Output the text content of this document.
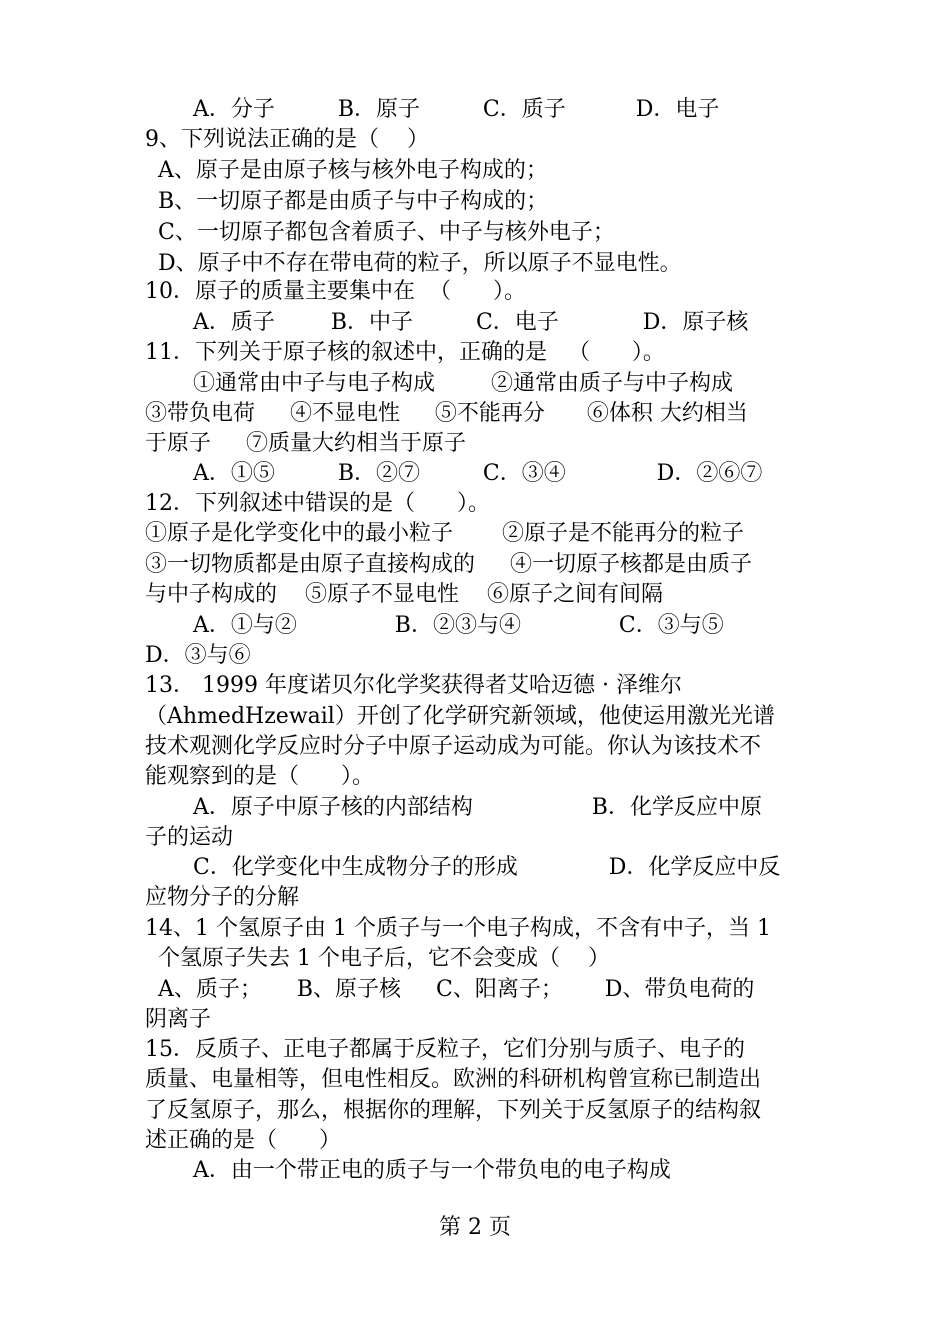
A．分子         B．原子         C．质子          D．电子
9、下列说法正确的是（    ）
A、原子是由原子核与核外电子构成的；
B、一切原子都是由质子与中子构成的；
C、一切原子都包含着质子、中子与核外电子；
D、原子中不存在带电荷的粒子，所以原子不显电性。
10．原子的质量主要集中在  （      ）。
A．质子        B．中子         C．电子            D．原子核
11．下列关于原子核的叙述中，正确的是   （      ）。
①通常由中子与电子构成        ②通常由质子与中子构成
③带负电荷     ④不显电性     ⑤不能再分      ⑥体积 大约相当
于原子     ⑦质量大约相当于原子
A．①⑤         B．②⑦         C．③④             D．②⑥⑦
12．下列叙述中错误的是（      ）。
①原子是化学变化中的最小粒子       ②原子是不能再分的粒子
③一切物质都是由原子直接构成的     ④一切原子核都是由质子
与中子构成的    ⑤原子不显电性    ⑥原子之间有间隔
A．①与②              B．②③与④              C．③与⑤
D．③与⑥
13． 1999 年度诺贝尔化学奖获得者艾哈迈德 · 泽维尔
（AhmedHzewail）开创了化学研究新领域，他使运用激光光谱
技术观测化学反应时分子中原子运动成为可能。你认为该技术不
能观察到的是（      ）。
A．原子中原子核的内部结构                 B．化学反应中原
子的运动
C．化学变化中生成物分子的形成             D．化学反应中反
应物分子的分解
14、1 个氢原子由 1 个质子与一个电子构成，不含有中子，当 1
个氢原子失去 1 个电子后，它不会变成（    ）
A、质子；     B、原子核     C、阳离子；      D、带负电荷的
阴离子
15．反质子、正电子都属于反粒子，它们分别与质子、电子的
质量、电量相等，但电性相反。欧洲的科研机构曾宣称已制造出
了反氢原子，那么，根据你的理解，下列关于反氢原子的结构叙
述正确的是（      ）
A．由一个带正电的质子与一个带负电的电子构成
第 2 页
